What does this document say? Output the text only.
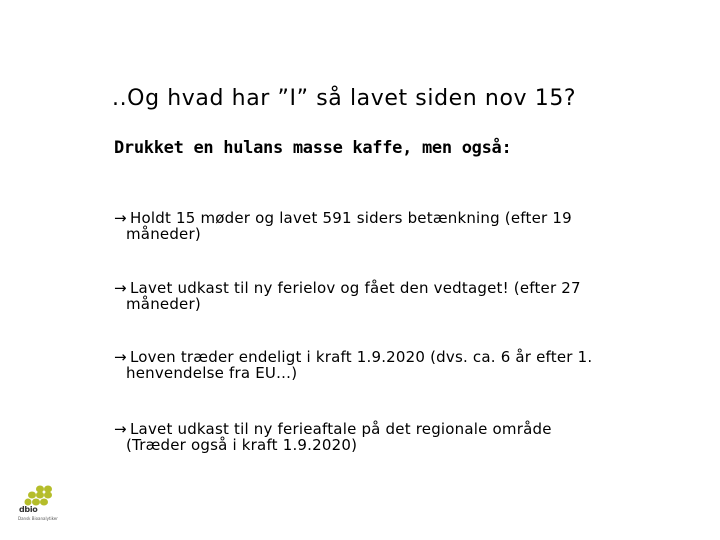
..Og hvad har ”I” så lavet siden nov 15?
Drukket en hulans masse kaffe, men også:
→ Holdt 15 møder og lavet 591 siders betænkning (efter 19
måneder)
→ Lavet udkast til ny ferielov og fået den vedtaget! (efter 27
måneder)
→ Loven træder endeligt i kraft 1.9.2020 (dvs. ca. 6 år efter 1.
henvendelse fra EU…)
→ Lavet udkast til ny ferieaftale på det regionale område
(Træder også i kraft 1.9.2020)
dbio
Dansk Bioanalytiker
